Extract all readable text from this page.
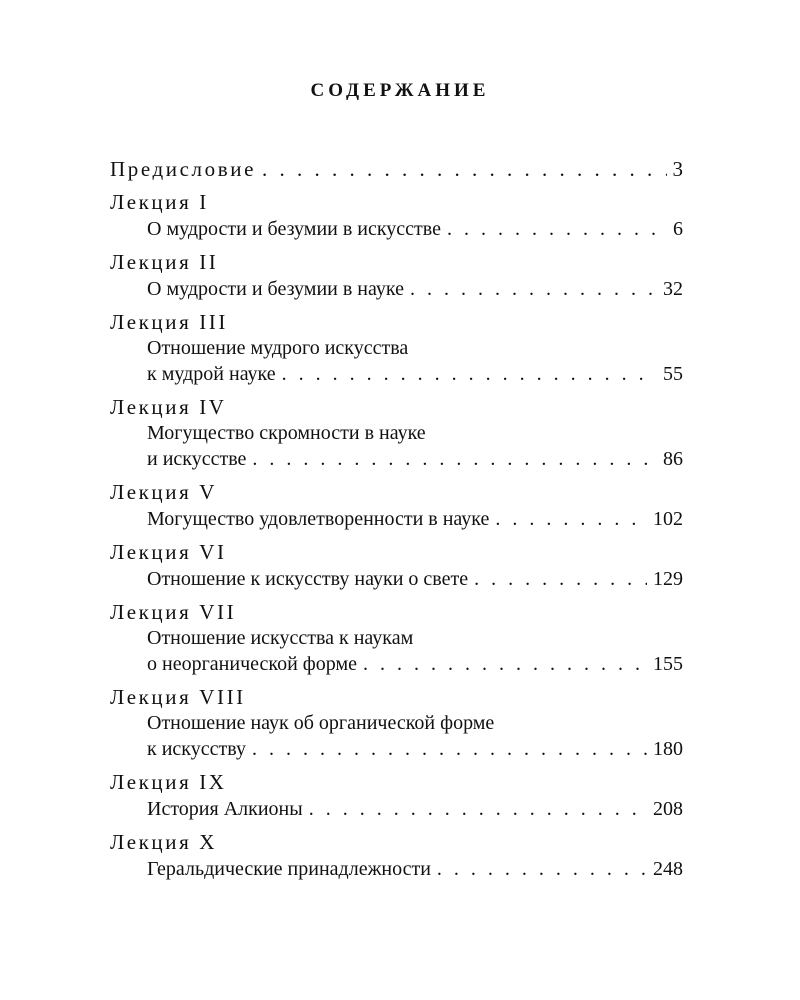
СОДЕРЖАНИЕ
Предисловие . . .	3
Лекция I
О мудрости и безумии в искусстве . . .	6
Лекция II
О мудрости и безумии в науке . . .	32
Лекция III
Отношение мудрого искусства
к мудрой науке . . .	55
Лекция IV
Могущество скромности в науке
и искусстве . . .	86
Лекция V
Могущество удовлетворенности в науке . . .	102
Лекция VI
Отношение к искусству науки о свете . . .	129
Лекция VII
Отношение искусства к наукам
о неорганической форме . . .	155
Лекция VIII
Отношение наук об органической форме
к искусству . . .	180
Лекция IX
История Алкионы . . .	208
Лекция X
Геральдические принадлежности . . .	248
